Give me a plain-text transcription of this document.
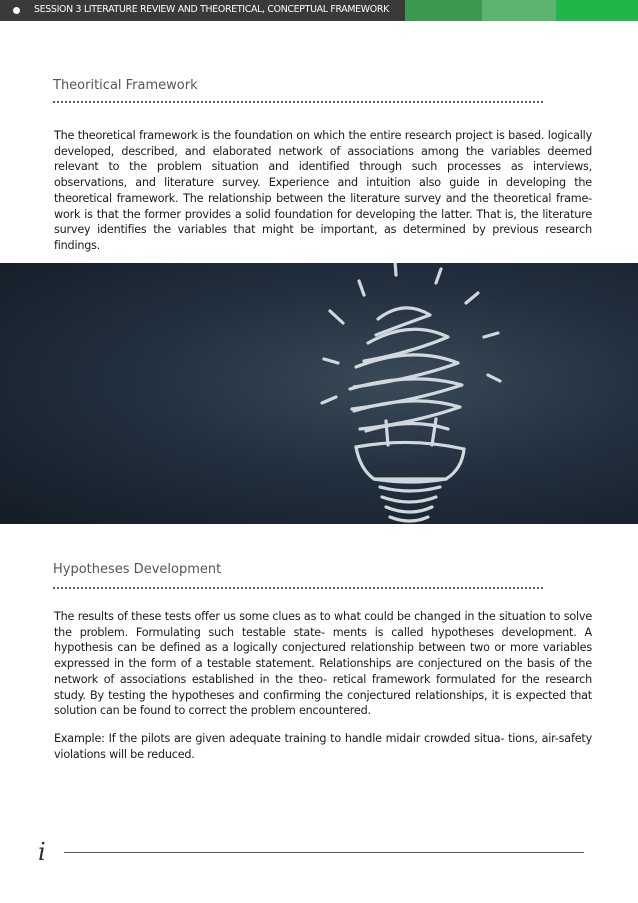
SESSION 3 LITERATURE REVIEW AND THEORETICAL, CONCEPTUAL FRAMEWORK
Theoritical Framework

The theoretical framework is the foundation on which the entire research project is based. logically developed, described, and elaborated network of associations among the variables deemed relevant to the problem situation and identified through such processes as interviews, observations, and literature survey. Experience and intuition also guide in developing the theoretical framework. The relationship between the literature survey and the theoretical frame- work is that the former provides a solid foundation for developing the latter. That is, the literature survey identifies the variables that might be important, as determined by previous research findings.

Hypotheses Development

The results of these tests offer us some clues as to what could be changed in the situation to solve the problem. Formulating such testable state- ments is called hypotheses development. A hypothesis can be defined as a logically conjectured relationship between two or more variables expressed in the form of a testable statement. Relationships are conjectured on the basis of the network of associations established in the theo- retical framework formulated for the research study. By testing the hypotheses and confirming the conjectured relationships, it is expected that solution can be found to correct the problem encountered.

Example: If the pilots are given adequate training to handle midair crowded situa- tions, air-safety violations will be reduced.

i
